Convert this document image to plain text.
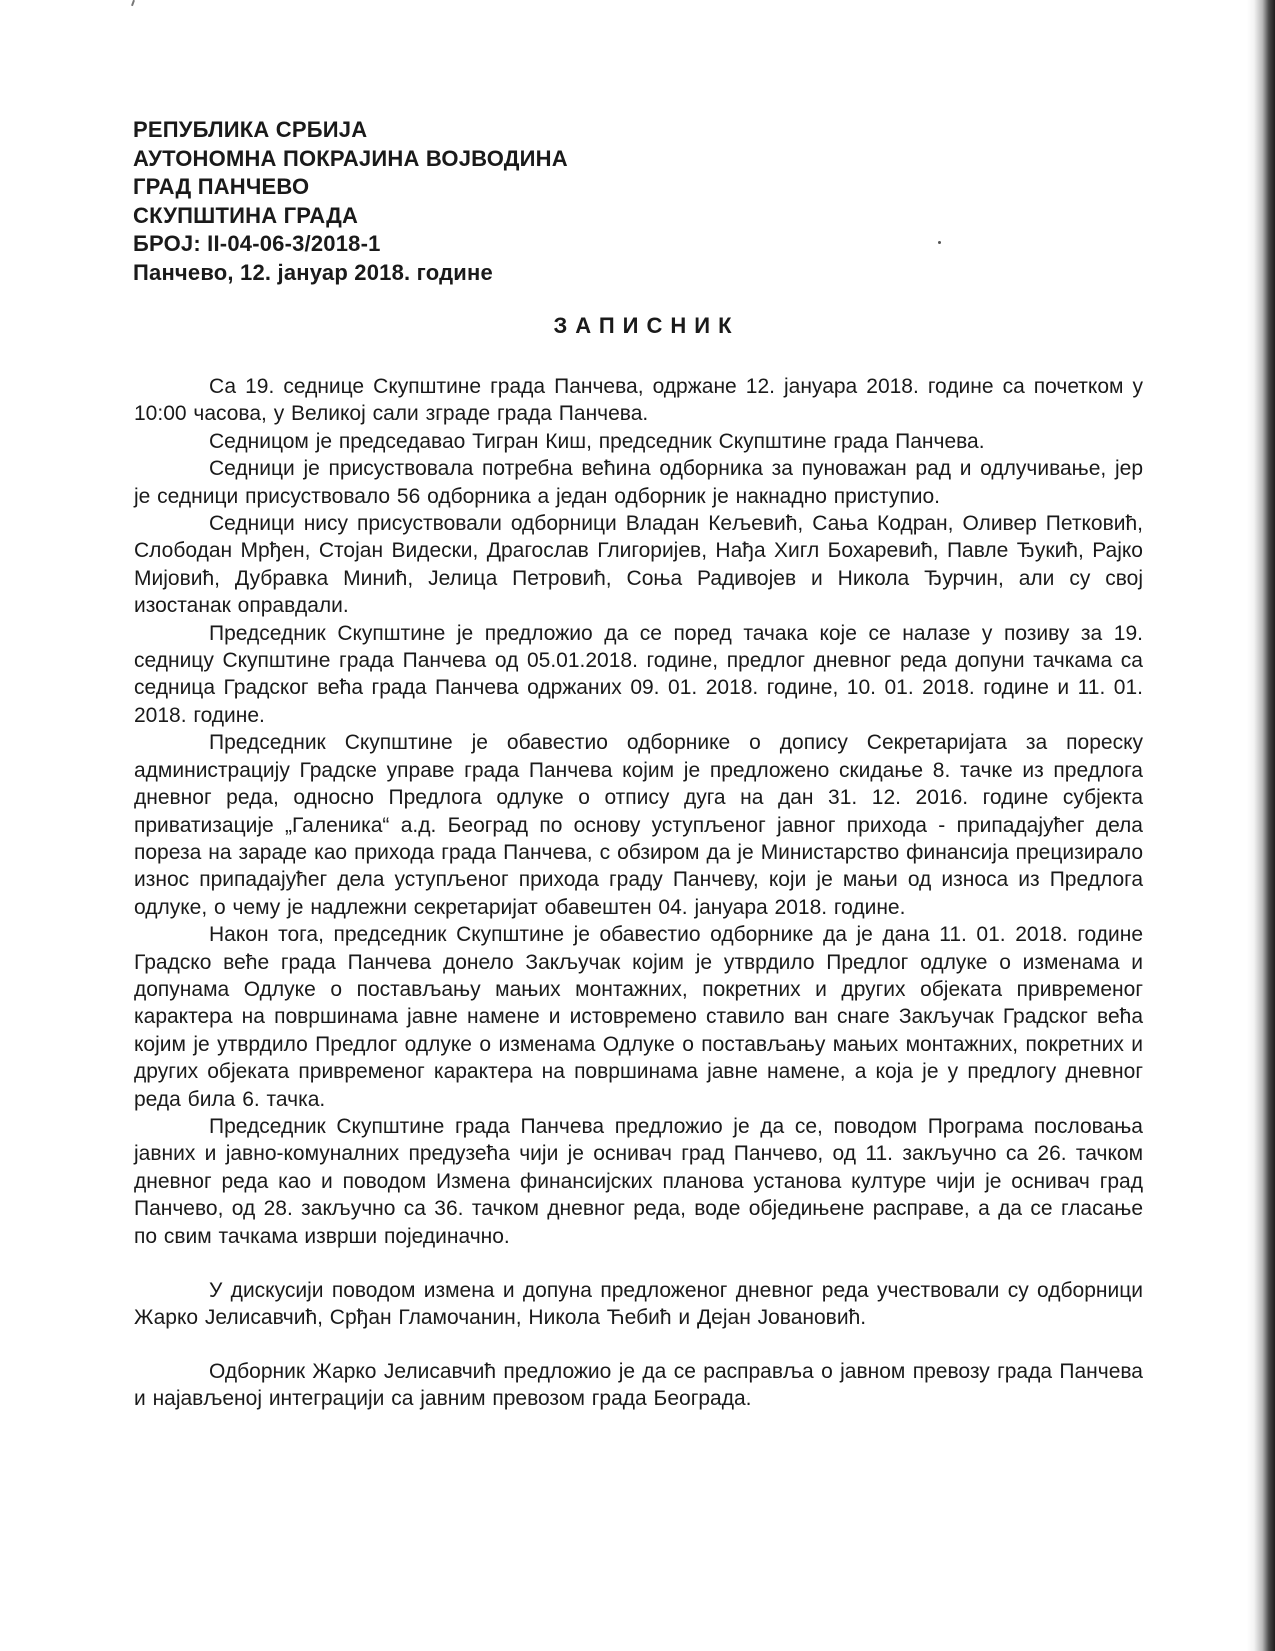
РЕПУБЛИКА СРБИЈА
АУТОНОМНА ПОКРАЈИНА ВОЈВОДИНА
ГРАД ПАНЧЕВО
СКУПШТИНА ГРАДА
БРОЈ: II-04-06-3/2018-1
Панчево, 12. јануар 2018. године
ЗАПИСНИК

Са 19. седнице Скупштине града Панчева, одржане 12. јануара 2018. године са почетком у 10:00 часова, у Великој сали зграде града Панчева.

Седницом је председавао Тигран Киш, председник Скупштине града Панчева.

Седници је присуствовала потребна већина одборника за пуноважан рад и одлучивање, јер је седници присуствовало 56 одборника а један одборник је накнадно приступио.

Седници нису присуствовали одборници Владан Кељевић, Сања Кодран, Оливер Петковић, Слободан Мрђен, Стојан Видески, Драгослав Глигоријев, Нађа Хигл Бохаревић, Павле Ђукић, Рајко Мијовић, Дубравка Минић, Јелица Петровић, Соња Радивојев и Никола Ђурчин, али су свој изостанак оправдали.

Председник Скупштине је предложио да се поред тачака које се налазе у позиву за 19. седницу Скупштине града Панчева од 05.01.2018. године, предлог дневног реда допуни тачкама са седница Градског већа града Панчева одржаних 09. 01. 2018. године, 10. 01. 2018. године и 11. 01. 2018. године.

Председник Скупштине је обавестио одборнике о допису Секретаријата за пореску администрацију Градске управе града Панчева којим је предложено скидање 8. тачке из предлога дневног реда, односно Предлога одлуке о отпису дуга на дан 31. 12. 2016. године субјекта приватизације „Галеника“ а.д. Београд по основу уступљеног јавног прихода - припадајућег дела пореза на зараде као прихода града Панчева, с обзиром да је Министарство финансија прецизирало износ припадајућег дела уступљеног прихода граду Панчеву, који је мањи од износа из Предлога одлуке, о чему је надлежни секретаријат обавештен 04. јануара 2018. године.

Након тога, председник Скупштине је обавестио одборнике да је дана 11. 01. 2018. године Градско веће града Панчева донело Закључак којим је утврдило Предлог одлуке о изменама и допунама Одлуке о постављању мањих монтажних, покретних и других објеката привременог карактера на површинама јавне намене и истовремено ставило ван снаге Закључак Градског већа којим је утврдило Предлог одлуке о изменама Одлуке о постављању мањих монтажних, покретних и других објеката привременог карактера на површинама јавне намене, а која је у предлогу дневног реда била 6. тачка.

Председник Скупштине града Панчева предложио је да се, поводом Програма пословања јавних и јавно-комуналних предузећа чији је оснивач град Панчево, од 11. закључно са 26. тачком дневног реда као и поводом Измена финансијских планова установа културе чији је оснивач град Панчево, од 28. закључно са 36. тачком дневног реда, воде обједињене расправе, а да се гласање по свим тачкама изврши појединачно.

У дискусији поводом измена и допуна предложеног дневног реда учествовали су одборници Жарко Јелисавчић, Срђан Гламочанин, Никола Ћебић и Дејан Јовановић.

Одборник Жарко Јелисавчић предложио је да се расправља о јавном превозу града Панчева и најављеној интеграцији са јавним превозом града Београда.
